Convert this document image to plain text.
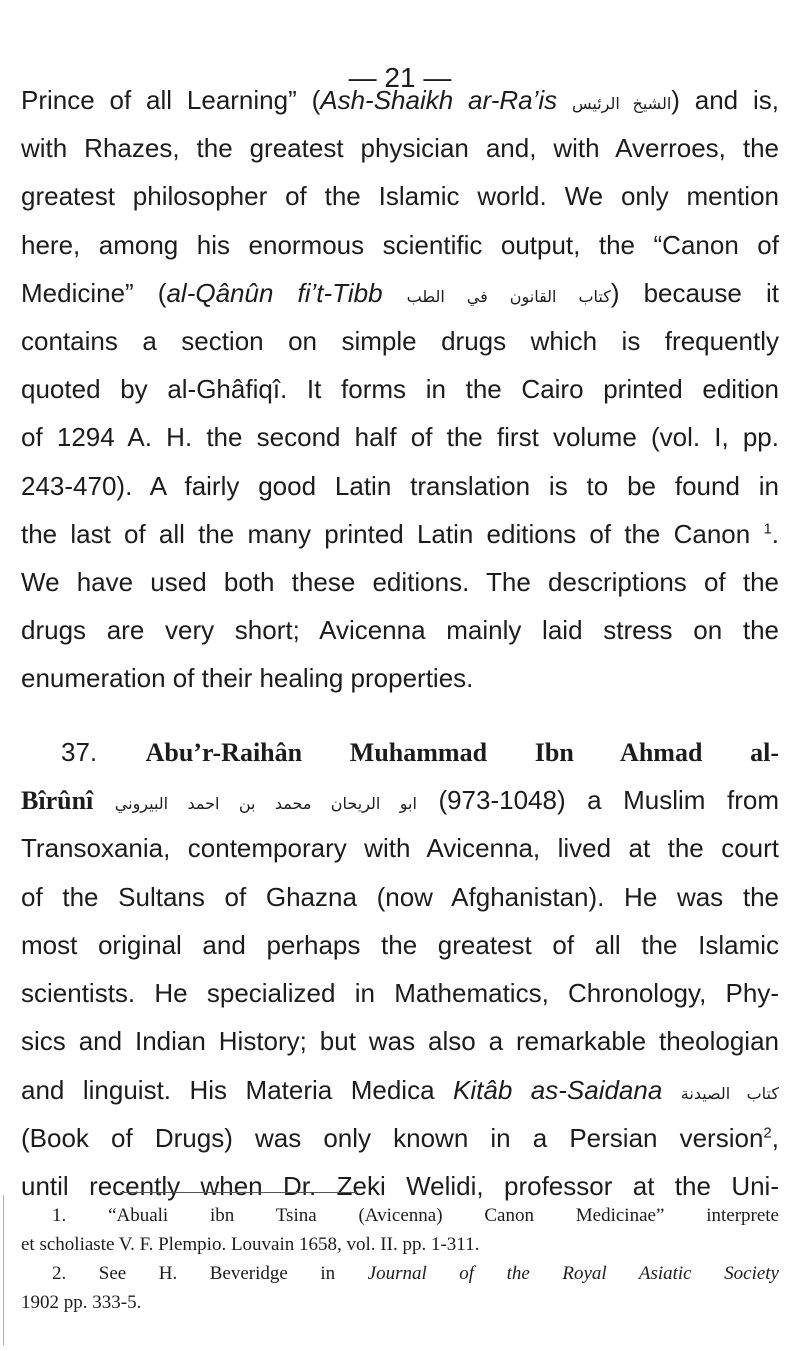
— 21 —
Prince of all Learning” (Ash-Shaikh ar-Ra’is الشيخ الرئيس) and is,
with Rhazes, the greatest physician and, with Averroes, the
greatest philosopher of the Islamic world. We only mention
here, among his enormous scientific output, the “Canon of
Medicine” (al-Qânûn fi’t-Tibb كتاب القانون في الطب) because it
contains a section on simple drugs which is frequently
quoted by al-Ghâfiqî. It forms in the Cairo printed edition
of 1294 A. H. the second half of the first volume (vol. I, pp.
243-470). A fairly good Latin translation is to be found in
the last of all the many printed Latin editions of the Canon $^1$.
We have used both these editions. The descriptions of the
drugs are very short; Avicenna mainly laid stress on the
enumeration of their healing properties.
37. Abu’r-Raihân Muhammad Ibn Ahmad al-
Bîrûnî ابو الريحان محمد بن احمد البيروني (973-1048) a Muslim from
Transoxania, contemporary with Avicenna, lived at the court
of the Sultans of Ghazna (now Afghanistan). He was the
most original and perhaps the greatest of all the Islamic
scientists. He specialized in Mathematics, Chronology, Phy-
sics and Indian History; but was also a remarkable theologian
and linguist. His Materia Medica Kitâb as-Saidana كتاب الصيدنة
(Book of Drugs) was only known in a Persian version$^2$,
until recently when Dr. Zeki Welidi, professor at the Uni-
1. “Abuali ibn Tsina (Avicenna) Canon Medicinae” interprete
et scholiaste V. F. Plempio. Louvain 1658, vol. II. pp. 1-311.
2. See H. Beveridge in Journal of the Royal Asiatic Society
1902 pp. 333-5.
